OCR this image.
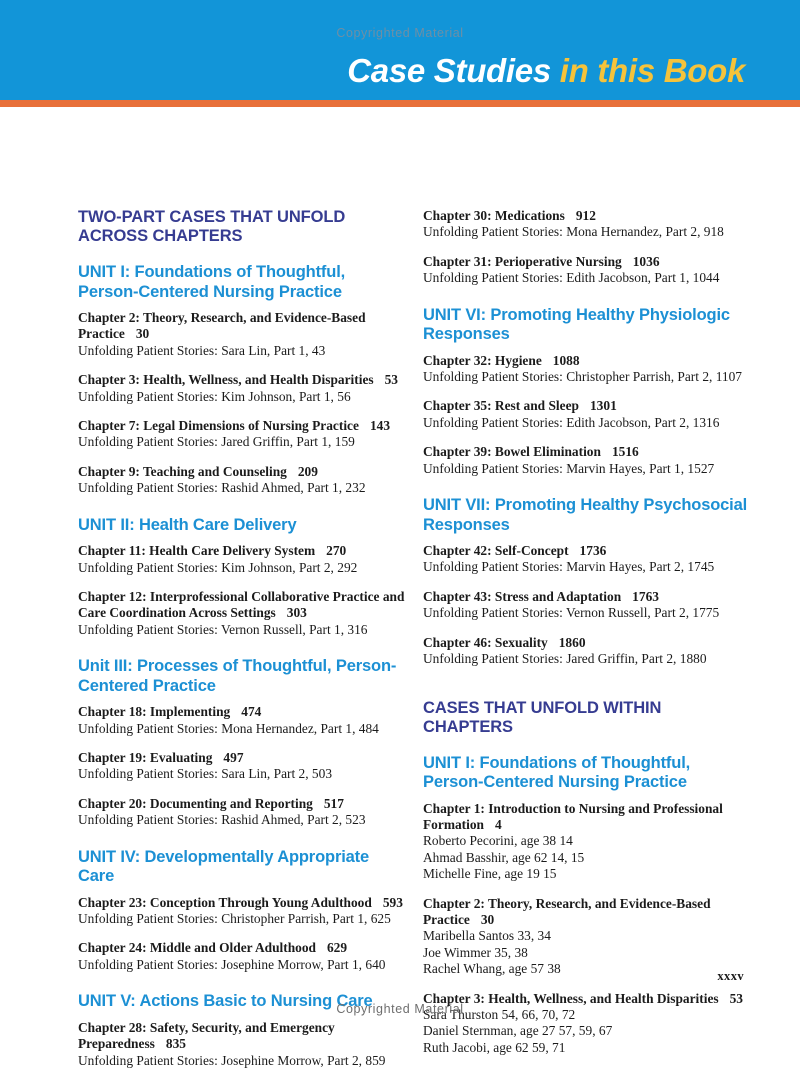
Copyrighted Material
Case Studies in this Book
TWO-PART CASES THAT UNFOLD ACROSS CHAPTERS
UNIT I: Foundations of Thoughtful, Person-Centered Nursing Practice

Chapter 2: Theory, Research, and Evidence-Based Practice 30

Unfolding Patient Stories: Sara Lin, Part 1, 43

Chapter 3: Health, Wellness, and Health Disparities 53

Unfolding Patient Stories: Kim Johnson, Part 1, 56

Chapter 7: Legal Dimensions of Nursing Practice 143

Unfolding Patient Stories: Jared Griffin, Part 1, 159

Chapter 9: Teaching and Counseling 209

Unfolding Patient Stories: Rashid Ahmed, Part 1, 232

UNIT II: Health Care Delivery

Chapter 11: Health Care Delivery System 270

Unfolding Patient Stories: Kim Johnson, Part 2, 292

Chapter 12: Interprofessional Collaborative Practice and Care Coordination Across Settings 303

Unfolding Patient Stories: Vernon Russell, Part 1, 316

Unit III: Processes of Thoughtful, Person-Centered Practice

Chapter 18: Implementing 474

Unfolding Patient Stories: Mona Hernandez, Part 1, 484

Chapter 19: Evaluating 497

Unfolding Patient Stories: Sara Lin, Part 2, 503

Chapter 20: Documenting and Reporting 517

Unfolding Patient Stories: Rashid Ahmed, Part 2, 523

UNIT IV: Developmentally Appropriate Care

Chapter 23: Conception Through Young Adulthood 593

Unfolding Patient Stories: Christopher Parrish, Part 1, 625

Chapter 24: Middle and Older Adulthood 629

Unfolding Patient Stories: Josephine Morrow, Part 1, 640

UNIT V: Actions Basic to Nursing Care

Chapter 28: Safety, Security, and Emergency Preparedness 835

Unfolding Patient Stories: Josephine Morrow, Part 2, 859

Chapter 30: Medications 912

Unfolding Patient Stories: Mona Hernandez, Part 2, 918

Chapter 31: Perioperative Nursing 1036

Unfolding Patient Stories: Edith Jacobson, Part 1, 1044

UNIT VI: Promoting Healthy Physiologic Responses

Chapter 32: Hygiene 1088

Unfolding Patient Stories: Christopher Parrish, Part 2, 1107

Chapter 35: Rest and Sleep 1301

Unfolding Patient Stories: Edith Jacobson, Part 2, 1316

Chapter 39: Bowel Elimination 1516

Unfolding Patient Stories: Marvin Hayes, Part 1, 1527

UNIT VII: Promoting Healthy Psychosocial Responses

Chapter 42: Self-Concept 1736

Unfolding Patient Stories: Marvin Hayes, Part 2, 1745

Chapter 43: Stress and Adaptation 1763

Unfolding Patient Stories: Vernon Russell, Part 2, 1775

Chapter 46: Sexuality 1860

Unfolding Patient Stories: Jared Griffin, Part 2, 1880

CASES THAT UNFOLD WITHIN CHAPTERS
UNIT I: Foundations of Thoughtful, Person-Centered Nursing Practice

Chapter 1: Introduction to Nursing and Professional Formation 4

Roberto Pecorini, age 38 14

Ahmad Basshir, age 62 14, 15

Michelle Fine, age 19 15

Chapter 2: Theory, Research, and Evidence-Based Practice 30

Maribella Santos 33, 34

Joe Wimmer 35, 38

Rachel Whang, age 57 38

Chapter 3: Health, Wellness, and Health Disparities 53

Sara Thurston 54, 66, 70, 72

Daniel Sternman, age 27 57, 59, 67

Ruth Jacobi, age 62 59, 71

xxxv
Copyrighted Material
